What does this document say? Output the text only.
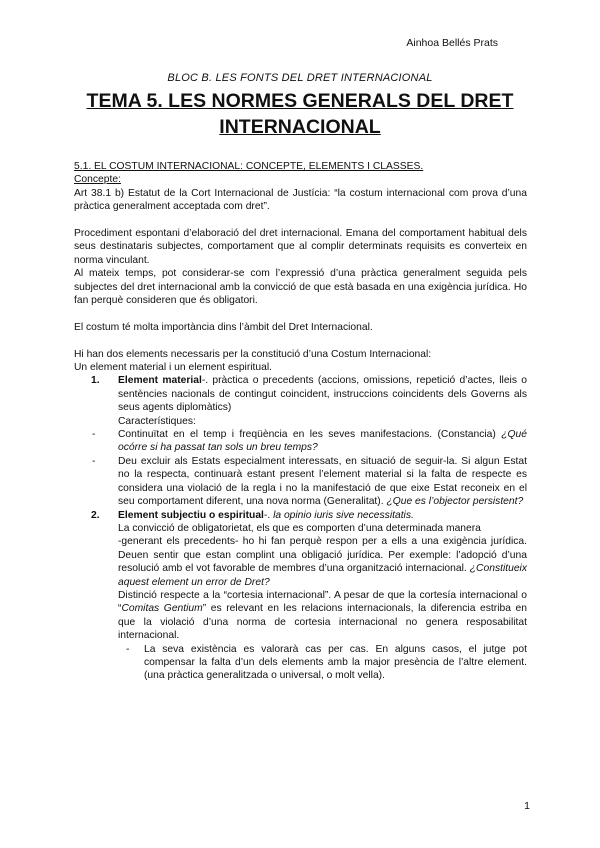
Ainhoa Bellés Prats
BLOC B. LES FONTS DEL DRET INTERNACIONAL
TEMA 5. LES NORMES GENERALS DEL DRET INTERNACIONAL

5.1. EL COSTUM INTERNACIONAL: CONCEPTE, ELEMENTS I CLASSES.

Concepte:

Art 38.1 b) Estatut de la Cort Internacional de Justícia: “la costum internacional com prova d’una pràctica generalment acceptada com dret”.

Procediment espontani d’elaboració del dret internacional. Emana del comportament habitual dels seus destinataris subjectes, comportament que al complir determinats requisits es converteix en norma vinculant.

Al mateix temps, pot considerar-se com l’expressió d’una pràctica generalment seguida pels subjectes del dret internacional amb la convicció de que està basada en una exigència jurídica. Ho fan perquè consideren que és obligatori.

El costum té molta importància dins l’àmbit del Dret Internacional.

Hi han dos elements necessaris per la constitució d’una Costum Internacional:

Un element material i un element espiritual.

1. Element material-. pràctica o precedents (accions, omissions, repetició d’actes, lleis o sentències nacionals de contingut coincident, instruccions coincidents dels Governs als seus agents diplomàtics)

Característiques:

- Continuïtat en el temp i freqüència en les seves manifestacions. (Constancia) ¿Qué ocórre si ha passat tan sols un breu temps?

- Deu excluir als Estats especialment interessats, en situació de seguir-la. Si algun Estat no la respecta, continuarà estant present l’element material si la falta de respecte es considera una violació de la regla i no la manifestació de que eixe Estat reconeix en el seu comportament diferent, una nova norma (Generalitat). ¿Que es l’objector persistent?

2. Element subjectiu o espiritual-. la opinio iuris sive necessitatis.

La convicció de obligatorietat, els que es comporten d’una determinada manera

-generant els precedents- ho hi fan perquè respon per a ells a una exigència jurídica. Deuen sentir que estan complint una obligació jurídica. Per exemple: l’adopció d’una resolució amb el vot favorable de membres d’una organització internacional. ¿Constitueix aquest element un error de Dret?

Distinció respecte a la “cortesia internacional”. A pesar de que la cortesía internacional o “Comitas Gentium” es relevant en les relacions internacionals, la diferencia estriba en que la violació d’una norma de cortesia internacional no genera resposabilitat internacional.

- La seva existència es valorarà cas per cas. En alguns casos, el jutge pot compensar la falta d’un dels elements amb la major presència de l’altre element. (una pràctica generalitzada o universal, o molt vella).

1
